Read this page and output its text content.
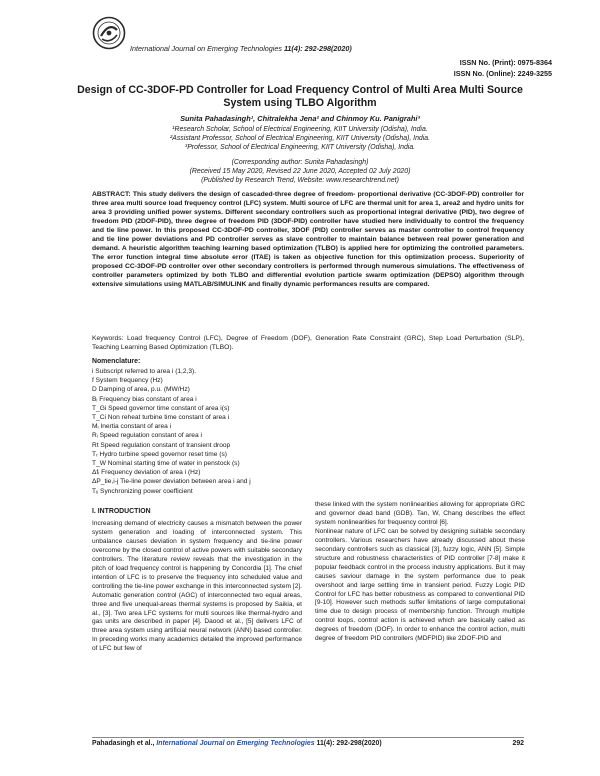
International Journal on Emerging Technologies 11(4): 292-298(2020)
ISSN No. (Print): 0975-8364
ISSN No. (Online): 2249-3255
Design of CC-3DOF-PD Controller for Load Frequency Control of Multi Area Multi Source System using TLBO Algorithm
Sunita Pahadasingh¹, Chitralekha Jena² and Chinmoy Ku. Panigrahi³
¹Research Scholar, School of Electrical Engineering, KIIT University (Odisha), India.
²Assistant Professor, School of Electrical Engineering, KIIT University (Odisha), India.
³Professor, School of Electrical Engineering, KIIT University (Odisha), India.
(Corresponding author: Sunita Pahadasingh)
(Received 15 May 2020, Revised 22 June 2020, Accepted 02 July 2020)
(Published by Research Trend, Website: www.researchtrend.net)
ABSTRACT: This study delivers the design of cascaded-three degree of freedom- proportional derivative (CC-3DOF-PD) controller for three area multi source load frequency control (LFC) system. Multi source of LFC are thermal unit for area 1, area2 and hydro units for area 3 providing unified power systems. Different secondary controllers such as proportional integral derivative (PID), two degree of freedom PID (2DOF-PID), three degree of freedom PID (3DOF-PID) controller have studied here individually to control the frequency and tie line power. In this proposed CC-3DOF-PD controller, 3DOF (PID) controller serves as master controller to control frequency and tie line power deviations and PD controller serves as slave controller to maintain balance between real power generation and demand. A heuristic algorithm teaching learning based optimization (TLBO) is applied here for optimizing the controlled parameters. The error function integral time absolute error (ITAE) is taken as objective function for this optimization process. Superiority of proposed CC-3DOF-PD controller over other secondary controllers is performed through numerous simulations. The effectiveness of controller parameters optimized by both TLBO and differential evolution particle swarm optimization (DEPSO) algorithm through extensive simulations using MATLAB/SIMULINK and finally dynamic performances results are compared.
Keywords: Load frequency Control (LFC), Degree of Freedom (DOF), Generation Rate Constraint (GRC), Step Load Perturbation (SLP), Teaching Learning Based Optimization (TLBO).
Nomenclature:
i Subscript referred to area i (1,2,3).
f System frequency (Hz)
D Damping of area, p.u. (MW/Hz)
Bᵢ Frequency bias constant of area i
T_Gi Speed governor time constant of area i(s)
T_Ci Non reheat turbine time constant of area i
Mᵢ Inertia constant of area i
Rᵢ Speed regulation constant of area i
Rt Speed regulation constant of transient droop
Tᵣ Hydro turbine speed governor reset time (s)
T_W Nominal starting time of water in penstock (s)
Δfᵢ Frequency deviation of area i (Hz)
ΔP_tie,i-j Tie-line power deviation between area i and j
Tᵢⱼ Synchronizing power coefficient
I. INTRODUCTION

Increasing demand of electricity causes a mismatch between the power system generation and loading of interconnected system. This unbalance causes deviation in system frequency and tie-line power overcome by the closed control of active powers with suitable secondary controllers. The literature review reveals that the investigation in the pitch of load frequency control is happening by Concordia [1]. The chief intention of LFC is to preserve the frequency into scheduled value and controlling the tie-line power exchange in this interconnected system [2]. Automatic generation control (AGC) of interconnected two equal areas, three and five unequal-areas thermal systems is proposed by Saikia, et al., [3]. Two area LFC systems for multi sources like thermal-hydro and gas units are described in paper [4]. Daood et al., [5] delivers LFC of three area system using artificial neural network (ANN) based controller. In preceding works many academics detailed the improved performance of LFC but few of

these linked with the system nonlinearities allowing for appropriate GRC and governor dead band (GDB). Tan, W, Chang describes the effect system nonlinearities for frequency control [6].

Nonlinear nature of LFC can be solved by designing suitable secondary controllers. Various researchers have already discussed about these secondary controllers such as classical [3], fuzzy logic, ANN [5]. Simple structure and robustness characteristics of PID controller [7-8] make it popular feedback control in the process industry applications. But it may causes saviour damage in the system performance due to peak overshoot and large settling time in transient period. Fuzzy Logic PID Control for LFC has better robustness as compared to conventional PID [9-10]. However such methods suffer limitations of large computational time due to design process of membership function. Through multiple control loops, control action is achieved which are basically called as degrees of freedom (DOF). In order to enhance the control action, multi degree of freedom PID controllers (MDFPID) like 2DOF-PID and

Pahadasingh et al., International Journal on Emerging Technologies 11(4): 292-298(2020)	292
